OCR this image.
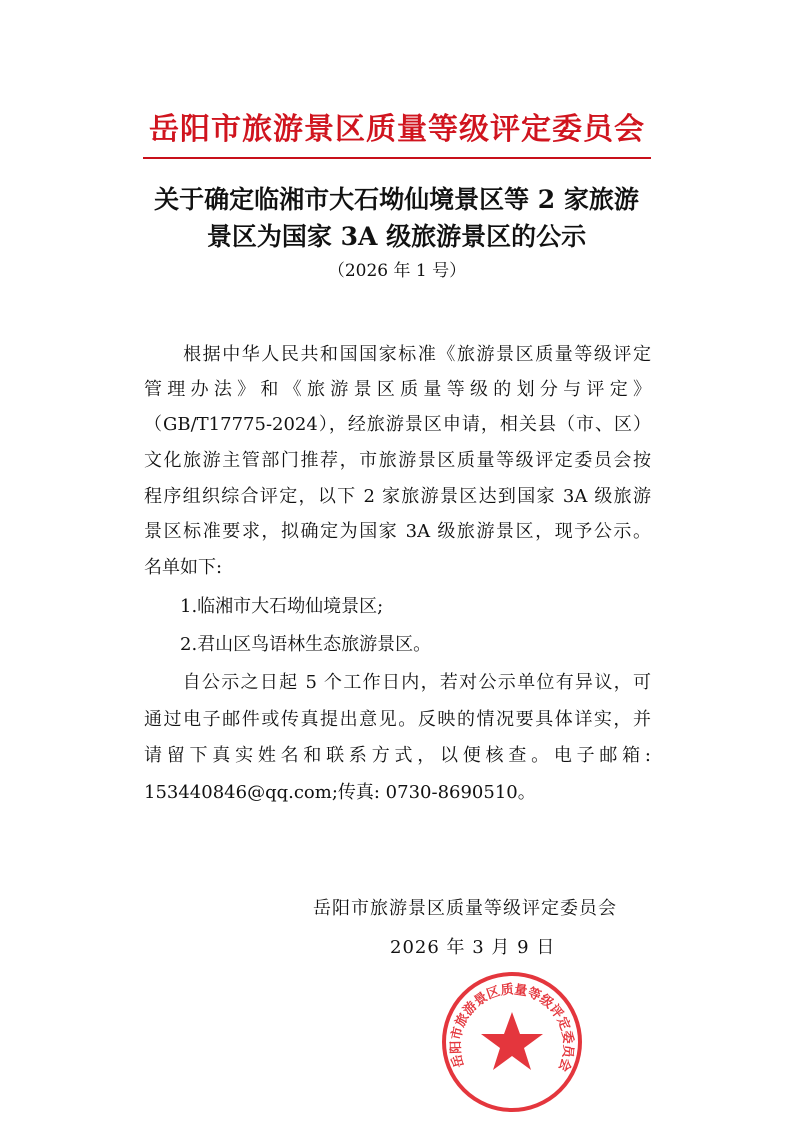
岳阳市旅游景区质量等级评定委员会
关于确定临湘市大石坳仙境景区等 2 家旅游
景区为国家 3A 级旅游景区的公示
（2026 年 1 号）
　　根据中华人民共和国国家标准《旅游景区质量等级评定
管理办法》和《旅游景区质量等级的划分与评定》
（GB/T17775-2024），经旅游景区申请，相关县（市、区）
文化旅游主管部门推荐，市旅游景区质量等级评定委员会按
程序组织综合评定，以下 2 家旅游景区达到国家 3A 级旅游
景区标准要求，拟确定为国家 3A 级旅游景区，现予公示。
名单如下:
　　1.临湘市大石坳仙境景区;
　　2.君山区鸟语林生态旅游景区。
　　自公示之日起 5 个工作日内，若对公示单位有异议，可
通过电子邮件或传真提出意见。反映的情况要具体详实，并
请留下真实姓名和联系方式，以便核查。电子邮箱:
153440846@qq.com;传真: 0730-8690510。
岳阳市旅游景区质量等级评定委员会
2026 年 3 月 9 日
岳阳市旅游景区质量等级评定委员会
